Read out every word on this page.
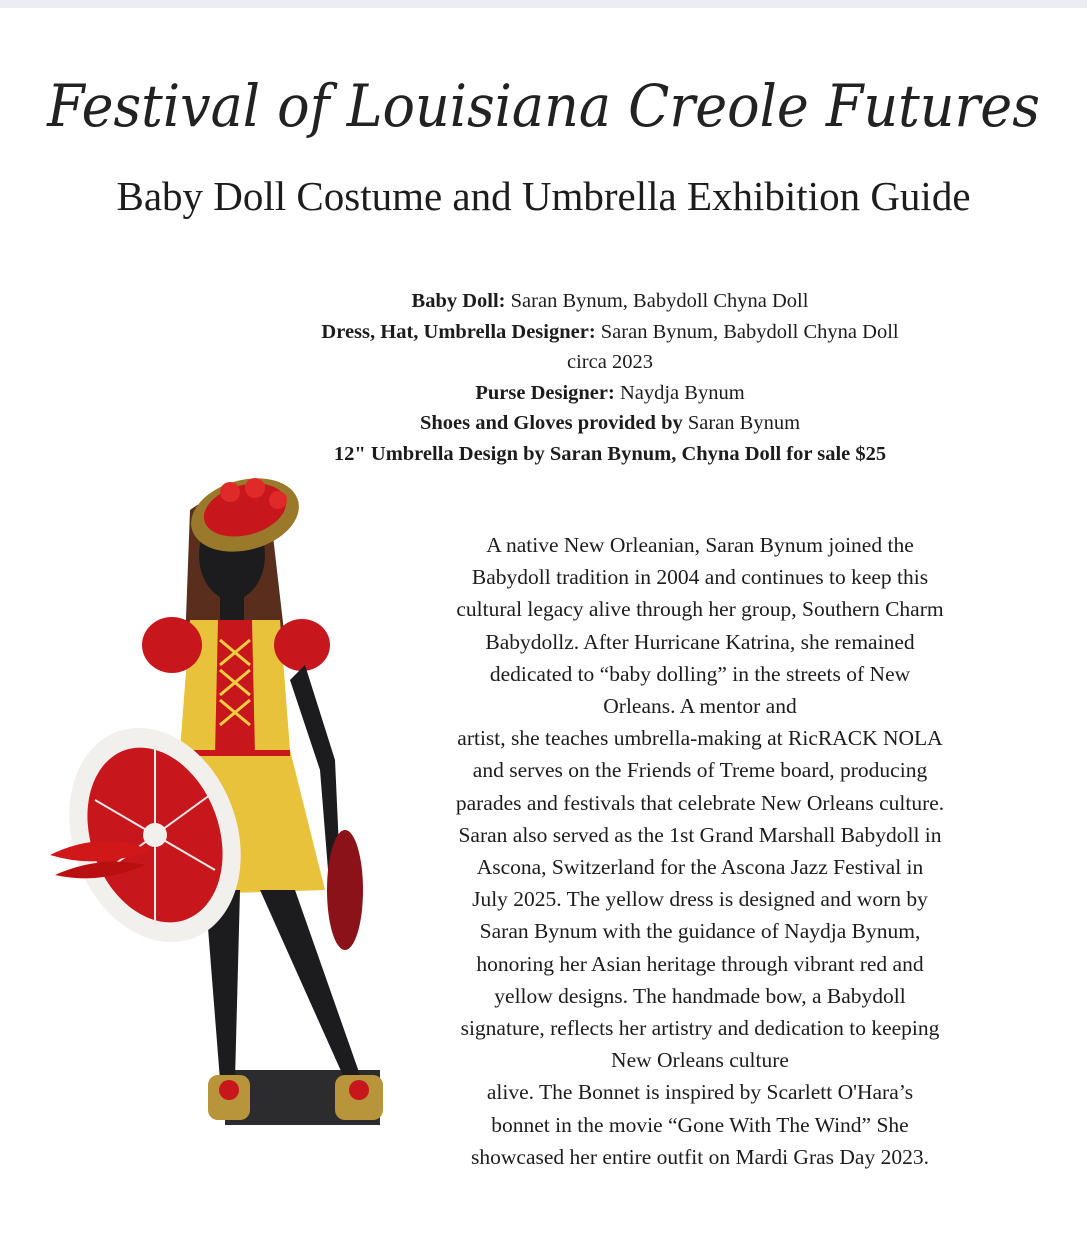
Festival of Louisiana Creole Futures
Baby Doll Costume and Umbrella Exhibition Guide
Baby Doll: Saran Bynum, Babydoll Chyna Doll
Dress, Hat, Umbrella Designer: Saran Bynum, Babydoll Chyna Doll circa 2023
Purse Designer: Naydja Bynum
Shoes and Gloves provided by Saran Bynum
12" Umbrella Design by Saran Bynum, Chyna Doll for sale $25
A native New Orleanian, Saran Bynum joined the
Babydoll tradition in 2004 and continues to keep this
cultural legacy alive through her group, Southern Charm
Babydollz. After Hurricane Katrina, she remained
dedicated to “baby dolling” in the streets of New
Orleans. A mentor and
artist, she teaches umbrella-making at RicRACK NOLA
and serves on the Friends of Treme board, producing
parades and festivals that celebrate New Orleans culture.
Saran also served as the 1st Grand Marshall Babydoll in
Ascona, Switzerland for the Ascona Jazz Festival in
July 2025. The yellow dress is designed and worn by
Saran Bynum with the guidance of Naydja Bynum,
honoring her Asian heritage through vibrant red and
yellow designs. The handmade bow, a Babydoll
signature, reflects her artistry and dedication to keeping
New Orleans culture
alive. The Bonnet is inspired by Scarlett O'Hara’s
bonnet in the movie “Gone With The Wind” She
showcased her entire outfit on Mardi Gras Day 2023.
